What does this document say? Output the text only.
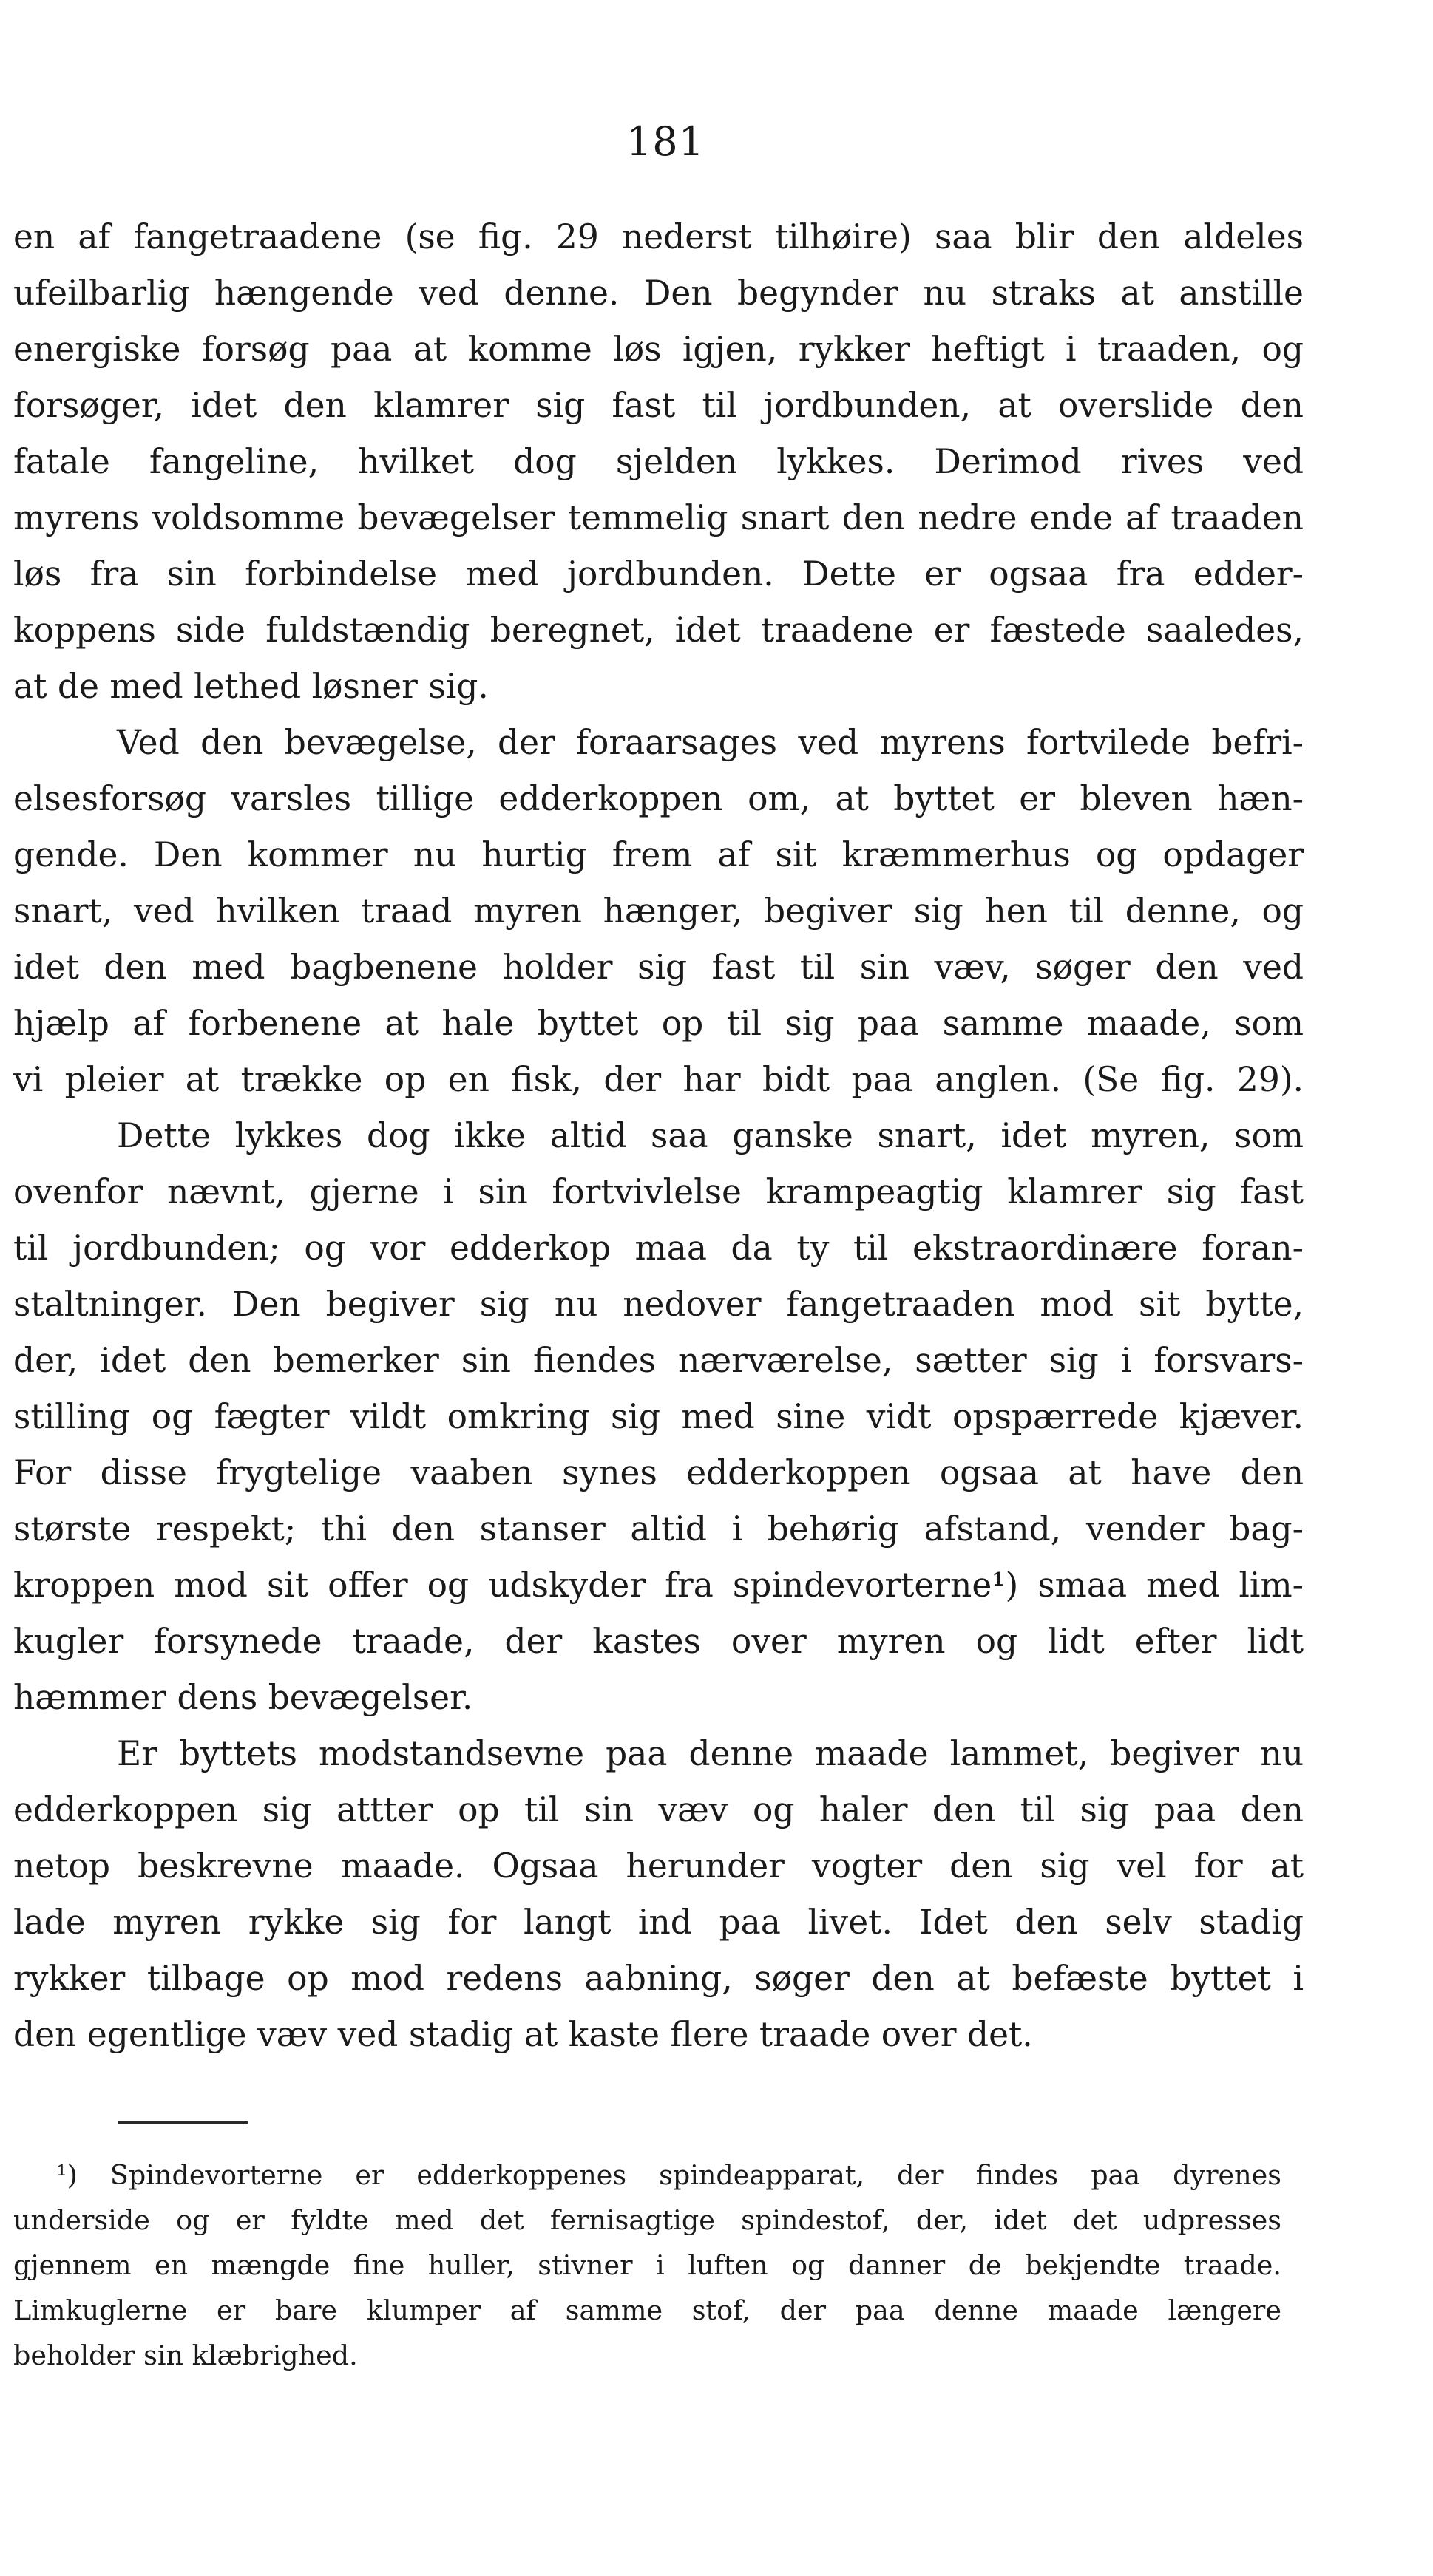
181

en af fangetraadene (se fig. 29 nederst tilhøire) saa blir den aldeles
ufeilbarlig hængende ved denne. Den begynder nu straks at anstille
energiske forsøg paa at komme løs igjen, rykker heftigt i traaden, og
forsøger, idet den klamrer sig fast til jordbunden, at overslide den
fatale fangeline, hvilket dog sjelden lykkes. Derimod rives ved
myrens voldsomme bevægelser temmelig snart den nedre ende af traaden
løs fra sin forbindelse med jordbunden. Dette er ogsaa fra edder-
koppens side fuldstændig beregnet, idet traadene er fæstede saaledes,
at de med lethed løsner sig.
Ved den bevægelse, der foraarsages ved myrens fortvilede befri-
elsesforsøg varsles tillige edderkoppen om, at byttet er bleven hæn-
gende. Den kommer nu hurtig frem af sit kræmmerhus og opdager
snart, ved hvilken traad myren hænger, begiver sig hen til denne, og
idet den med bagbenene holder sig fast til sin væv, søger den ved
hjælp af forbenene at hale byttet op til sig paa samme maade, som
vi pleier at trække op en fisk, der har bidt paa anglen. (Se fig. 29).
Dette lykkes dog ikke altid saa ganske snart, idet myren, som
ovenfor nævnt, gjerne i sin fortvivlelse krampeagtig klamrer sig fast
til jordbunden; og vor edderkop maa da ty til ekstraordinære foran-
staltninger. Den begiver sig nu nedover fangetraaden mod sit bytte,
der, idet den bemerker sin fiendes nærværelse, sætter sig i forsvars-
stilling og fægter vildt omkring sig med sine vidt opspærrede kjæver.
For disse frygtelige vaaben synes edderkoppen ogsaa at have den
største respekt; thi den stanser altid i behørig afstand, vender bag-
kroppen mod sit offer og udskyder fra spindevorterne¹) smaa med lim-
kugler forsynede traade, der kastes over myren og lidt efter lidt
hæmmer dens bevægelser.
Er byttets modstandsevne paa denne maade lammet, begiver nu
edderkoppen sig attter op til sin væv og haler den til sig paa den
netop beskrevne maade. Ogsaa herunder vogter den sig vel for at
lade myren rykke sig for langt ind paa livet. Idet den selv stadig
rykker tilbage op mod redens aabning, søger den at befæste byttet i
den egentlige væv ved stadig at kaste flere traade over det.
¹) Spindevorterne er edderkoppenes spindeapparat, der findes paa dyrenes
underside og er fyldte med det fernisagtige spindestof, der, idet det udpresses
gjennem en mængde fine huller, stivner i luften og danner de bekjendte traade.
Limkuglerne er bare klumper af samme stof, der paa denne maade længere
beholder sin klæbrighed.
